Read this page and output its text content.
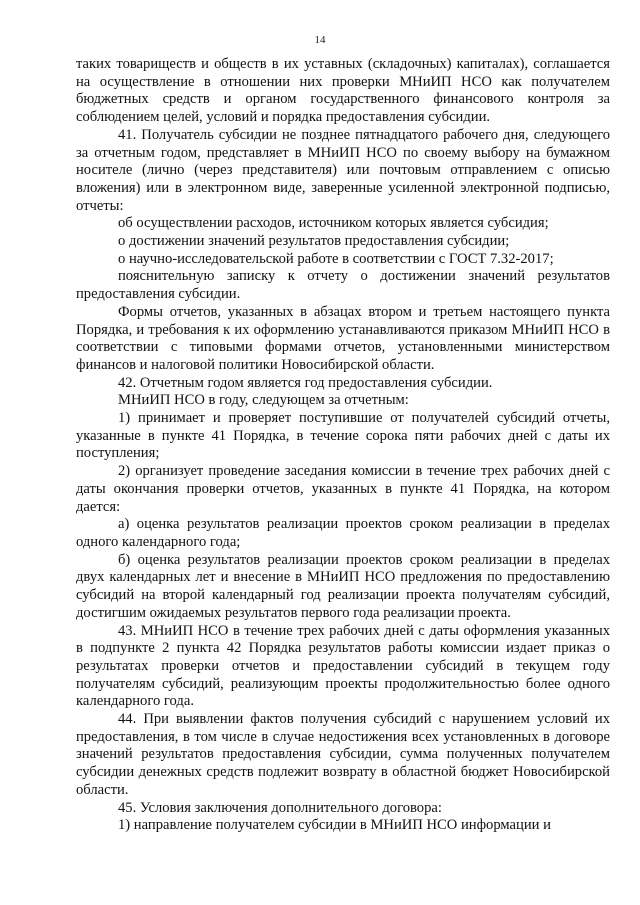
14

таких товариществ и обществ в их уставных (складочных) капиталах), соглашается на осуществление в отношении них проверки МНиИП НСО как получателем бюджетных средств и органом государственного финансового контроля за соблюдением целей, условий и порядка предоставления субсидии.

41. Получатель субсидии не позднее пятнадцатого рабочего дня, следующего за отчетным годом, представляет в МНиИП НСО по своему выбору на бумажном носителе (лично (через представителя) или почтовым отправлением с описью вложения) или в электронном виде, заверенные усиленной электронной подписью, отчеты:

об осуществлении расходов, источником которых является субсидия;

о достижении значений результатов предоставления субсидии;

о научно-исследовательской работе в соответствии с ГОСТ 7.32-2017;

пояснительную записку к отчету о достижении значений результатов предоставления субсидии.

Формы отчетов, указанных в абзацах втором и третьем настоящего пункта Порядка, и требования к их оформлению устанавливаются приказом МНиИП НСО в соответствии с типовыми формами отчетов, установленными министерством финансов и налоговой политики Новосибирской области.

42. Отчетным годом является год предоставления субсидии.

МНиИП НСО в году, следующем за отчетным:

1) принимает и проверяет поступившие от получателей субсидий отчеты, указанные в пункте 41 Порядка, в течение сорока пяти рабочих дней с даты их поступления;

2) организует проведение заседания комиссии в течение трех рабочих дней с даты окончания проверки отчетов, указанных в пункте 41 Порядка, на котором дается:

а) оценка результатов реализации проектов сроком реализации в пределах одного календарного года;

б) оценка результатов реализации проектов сроком реализации в пределах двух календарных лет и внесение в МНиИП НСО предложения по предоставлению субсидий на второй календарный год реализации проекта получателям субсидий, достигшим ожидаемых результатов первого года реализации проекта.

43. МНиИП НСО в течение трех рабочих дней с даты оформления указанных в подпункте 2 пункта 42 Порядка результатов работы комиссии издает приказ о результатах проверки отчетов и предоставлении субсидий в текущем году получателям субсидий, реализующим проекты продолжительностью более одного календарного года.

44. При выявлении фактов получения субсидий с нарушением условий их предоставления, в том числе в случае недостижения всех установленных в договоре значений результатов предоставления субсидии, сумма полученных получателем субсидии денежных средств подлежит возврату в областной бюджет Новосибирской области.

45. Условия заключения дополнительного договора:

1) направление получателем субсидии в МНиИП НСО информации и
